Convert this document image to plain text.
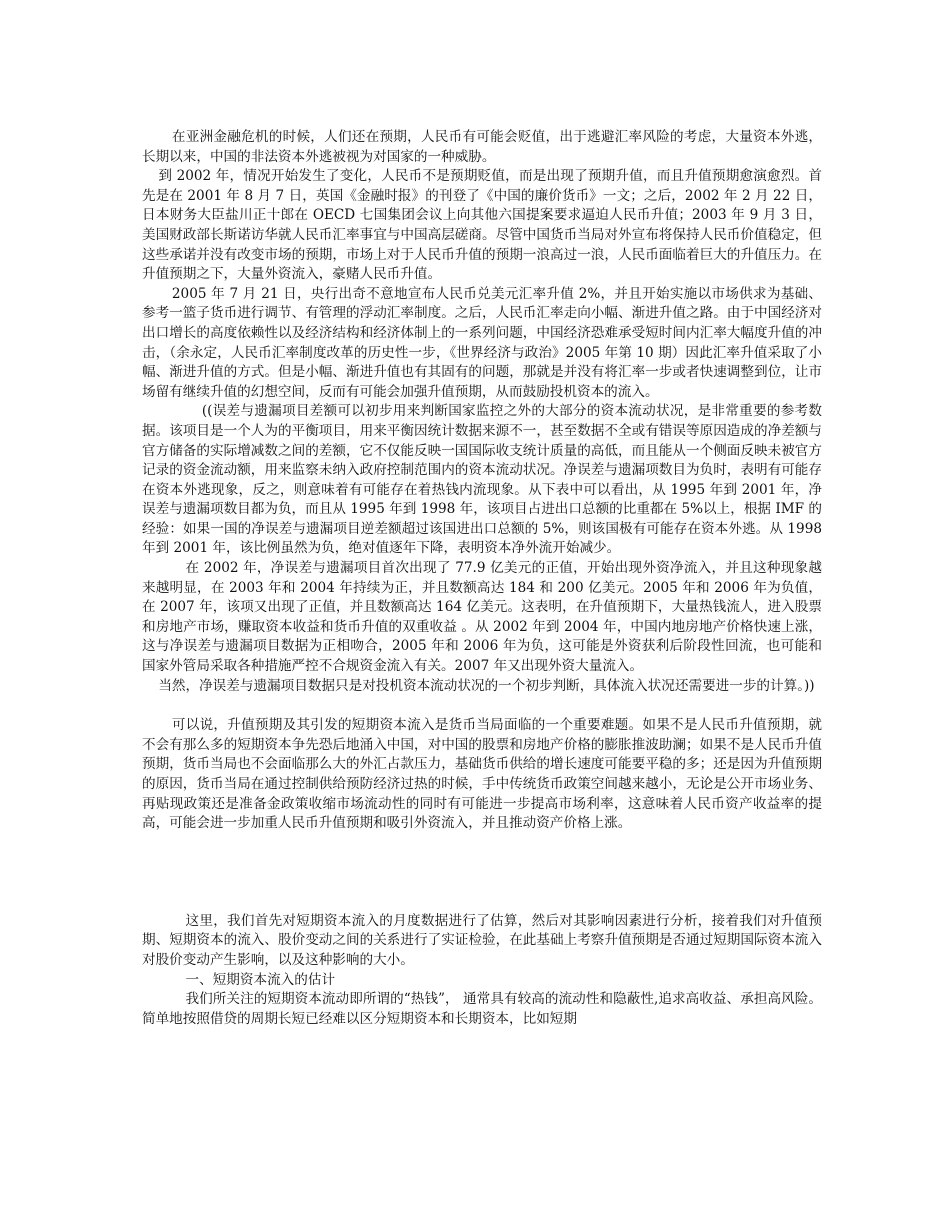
在亚洲金融危机的时候，人们还在预期，人民币有可能会贬值，出于逃避汇率风险的考虑，大量资本外逃，长期以来，中国的非法资本外逃被视为对国家的一种威胁。

到 2002 年，情况开始发生了变化，人民币不是预期贬值，而是出现了预期升值，而且升值预期愈演愈烈。首先是在 2001 年 8 月 7 日，英国《金融时报》的刊登了《中国的廉价货币》一文；之后，2002 年 2 月 22 日，日本财务大臣盐川正十郎在 OECD 七国集团会议上向其他六国提案要求逼迫人民币升值；2003 年 9 月 3 日，美国财政部长斯诺访华就人民币汇率事宜与中国高层磋商。尽管中国货币当局对外宣布将保持人民币价值稳定，但这些承诺并没有改变市场的预期，市场上对于人民币升值的预期一浪高过一浪，人民币面临着巨大的升值压力。在升值预期之下，大量外资流入，豪赌人民币升值。

2005 年 7 月 21 日，央行出奇不意地宣布人民币兑美元汇率升值 2%，并且开始实施以市场供求为基础、参考一篮子货币进行调节、有管理的浮动汇率制度。之后，人民币汇率走向小幅、渐进升值之路。由于中国经济对出口增长的高度依赖性以及经济结构和经济体制上的一系列问题，中国经济恐难承受短时间内汇率大幅度升值的冲击，（余永定，人民币汇率制度改革的历史性一步，《世界经济与政治》2005 年第 10 期）因此汇率升值采取了小幅、渐进升值的方式。但是小幅、渐进升值也有其固有的问题，那就是并没有将汇率一步或者快速调整到位，让市场留有继续升值的幻想空间，反而有可能会加强升值预期，从而鼓励投机资本的流入。

((误差与遗漏项目差额可以初步用来判断国家监控之外的大部分的资本流动状况，是非常重要的参考数据。该项目是一个人为的平衡项目，用来平衡因统计数据来源不一，甚至数据不全或有错误等原因造成的净差额与官方储备的实际增减数之间的差额，它不仅能反映一国国际收支统计质量的高低，而且能从一个侧面反映未被官方记录的资金流动额，用来监察未纳入政府控制范围内的资本流动状况。净误差与遗漏项数目为负时，表明有可能存在资本外逃现象，反之，则意味着有可能存在着热钱内流现象。从下表中可以看出，从 1995 年到 2001 年，净误差与遗漏项数目都为负，而且从 1995 年到 1998 年，该项目占进出口总额的比重都在 5%以上，根据 IMF 的经验：如果一国的净误差与遗漏项目逆差额超过该国进出口总额的 5%，则该国极有可能存在资本外逃。从 1998 年到 2001 年，该比例虽然为负，绝对值逐年下降，表明资本净外流开始减少。

在 2002 年，净误差与遗漏项目首次出现了 77.9 亿美元的正值，开始出现外资净流入，并且这种现象越来越明显，在 2003 年和 2004 年持续为正，并且数额高达 184 和 200 亿美元。2005 年和 2006 年为负值，在 2007 年，该项又出现了正值，并且数额高达 164 亿美元。这表明，在升值预期下，大量热钱流人，进入股票和房地产市场，赚取资本收益和货币升值的双重收益 。从 2002 年到 2004 年，中国内地房地产价格快速上涨，这与净误差与遗漏项目数据为正相吻合，2005 年和 2006 年为负，这可能是外资获利后阶段性回流，也可能和国家外管局采取各种措施严控不合规资金流入有关。2007 年又出现外资大量流入。

当然，净误差与遗漏项目数据只是对投机资本流动状况的一个初步判断，具体流入状况还需要进一步的计算。))

可以说，升值预期及其引发的短期资本流入是货币当局面临的一个重要难题。如果不是人民币升值预期，就不会有那么多的短期资本争先恐后地涌入中国，对中国的股票和房地产价格的膨胀推波助澜；如果不是人民币升值预期，货币当局也不会面临那么大的外汇占款压力，基础货币供给的增长速度可能要平稳的多；还是因为升值预期的原因，货币当局在通过控制供给预防经济过热的时候，手中传统货币政策空间越来越小，无论是公开市场业务、再贴现政策还是准备金政策收缩市场流动性的同时有可能进一步提高市场利率，这意味着人民币资产收益率的提高，可能会进一步加重人民币升值预期和吸引外资流入，并且推动资产价格上涨。

这里，我们首先对短期资本流入的月度数据进行了估算，然后对其影响因素进行分析，接着我们对升值预期、短期资本的流入、股价变动之间的关系进行了实证检验，在此基础上考察升值预期是否通过短期国际资本流入对股价变动产生影响，以及这种影响的大小。

一、短期资本流入的估计

我们所关注的短期资本流动即所谓的“热钱”， 通常具有较高的流动性和隐蔽性,追求高收益、承担高风险。简单地按照借贷的周期长短已经难以区分短期资本和长期资本，比如短期
